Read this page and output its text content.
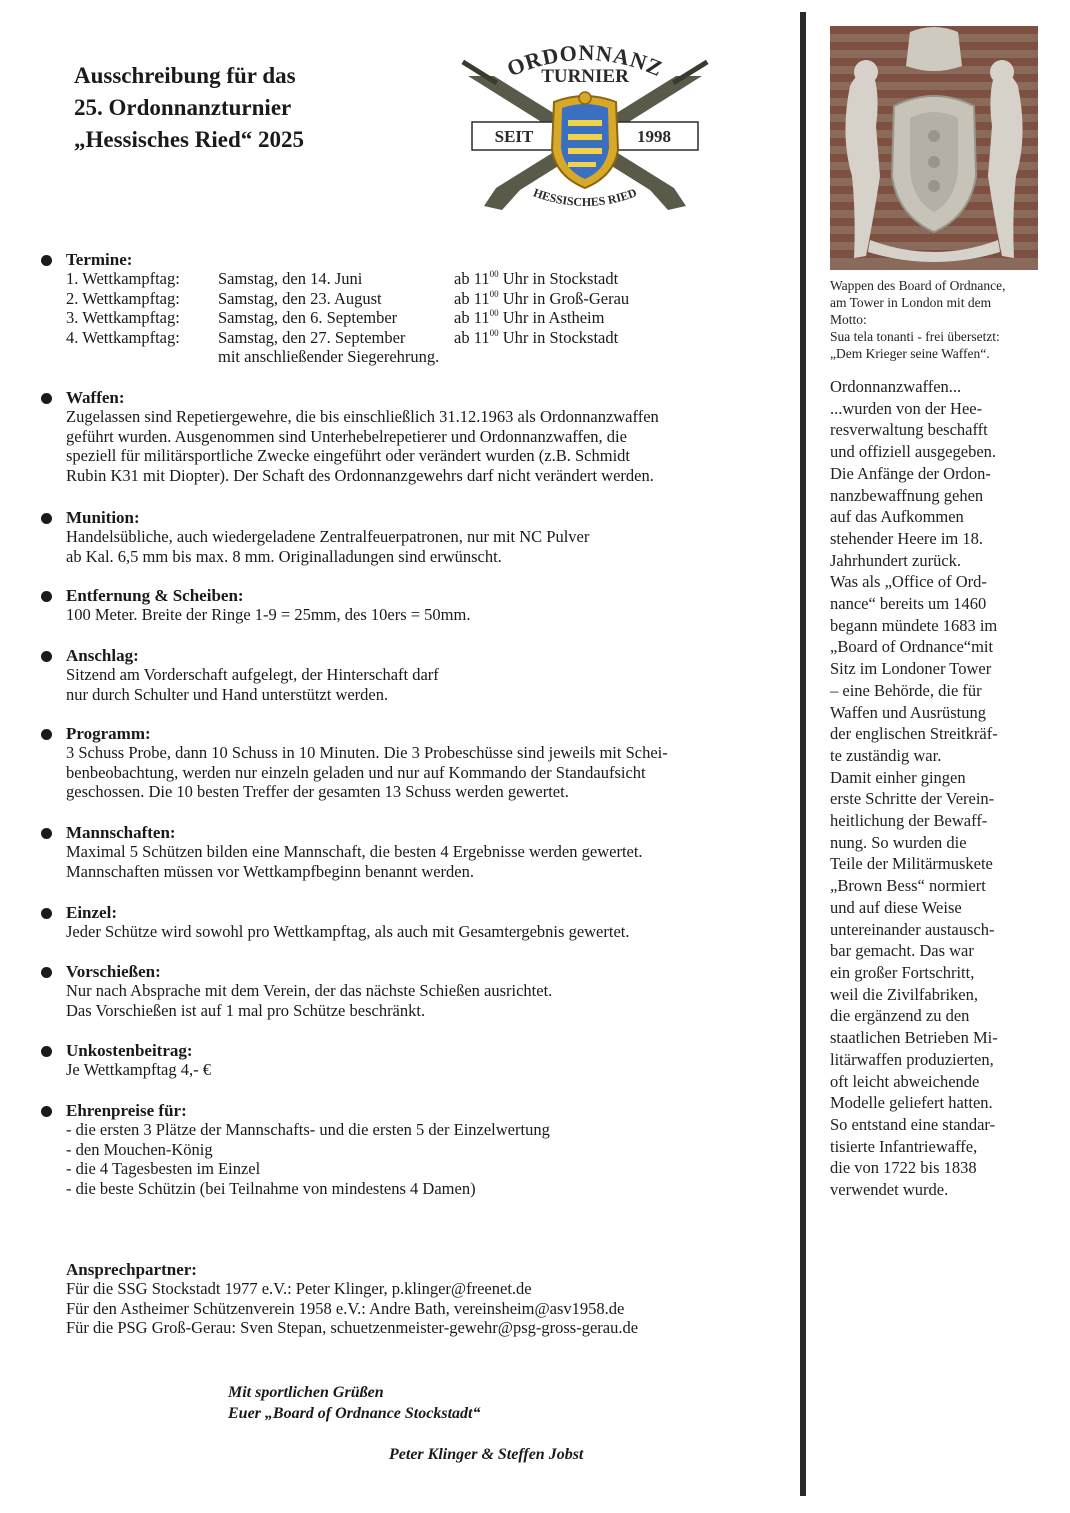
Ausschreibung für das
25. Ordonnanzturnier
„Hessisches Ried“ 2025	SEIT	1998
ORDONNANZ
TURNIER
HESSISCHES RIED
Wappen des Board of Ordnance,
am Tower in London mit dem
Motto:
Sua tela tonanti - frei übersetzt:
„Dem Krieger seine Waffen“.
Ordonnanzwaffen...
...wurden von der Hee-
resverwaltung beschafft
und offiziell ausgegeben.
Die Anfänge der Ordon-
nanzbewaffnung gehen
auf das Aufkommen
stehender Heere im 18.
Jahrhundert zurück.
Was als „Office of Ord-
nance“ bereits um 1460
begann mündete 1683 im
„Board of Ordnance“mit
Sitz im Londoner Tower
– eine Behörde, die für
Waffen und Ausrüstung
der englischen Streitkräf-
te zuständig war.
Damit einher gingen
erste Schritte der Verein-
heitlichung der Bewaff-
nung. So wurden die
Teile der Militärmuskete
„Brown Bess“ normiert
und auf diese Weise
untereinander austausch-
bar gemacht. Das war
ein großer Fortschritt,
weil die Zivilfabriken,
die ergänzend zu den
staatlichen Betrieben Mi-
litärwaffen produzierten,
oft leicht abweichende
Modelle geliefert hatten.
So entstand eine standar-
tisierte Infantriewaffe,
die von 1722 bis 1838
verwendet wurde.
Termine:
1. Wettkampftag:	Samstag, den 14. Juni	ab $11^{00}$ Uhr in Stockstadt
2. Wettkampftag:	Samstag, den 23. August	ab $11^{00}$ Uhr in Groß-Gerau
3. Wettkampftag:	Samstag, den 6. September	ab $11^{00}$ Uhr in Astheim
4. Wettkampftag:	Samstag, den 27. September	ab $11^{00}$ Uhr in Stockstadt
	mit anschließender Siegerehrung.	
Waffen:
Zugelassen sind Repetiergewehre, die bis einschließlich 31.12.1963 als Ordonnanzwaffen
geführt wurden. Ausgenommen sind Unterhebelrepetierer und Ordonnanzwaffen, die
speziell für militärsportliche Zwecke eingeführt oder verändert wurden (z.B. Schmidt
Rubin K31 mit Diopter). Der Schaft des Ordonnanzgewehrs darf nicht verändert werden.
Munition:
Handelsübliche, auch wiedergeladene Zentralfeuerpatronen, nur mit NC Pulver
ab Kal. 6,5 mm bis max. 8 mm. Originalladungen sind erwünscht.
Entfernung & Scheiben:
100 Meter. Breite der Ringe 1-9 = 25mm, des 10ers = 50mm.
Anschlag:
Sitzend am Vorderschaft aufgelegt, der Hinterschaft darf
nur durch Schulter und Hand unterstützt werden.
Programm:
3 Schuss Probe, dann 10 Schuss in 10 Minuten. Die 3 Probeschüsse sind jeweils mit Schei-
benbeobachtung, werden nur einzeln geladen und nur auf Kommando der Standaufsicht
geschossen. Die 10 besten Treffer der gesamten 13 Schuss werden gewertet.
Mannschaften:
Maximal 5 Schützen bilden eine Mannschaft, die besten 4 Ergebnisse werden gewertet.
Mannschaften müssen vor Wettkampfbeginn benannt werden.
Einzel:
Jeder Schütze wird sowohl pro Wettkampftag, als auch mit Gesamtergebnis gewertet.
Vorschießen:
Nur nach Absprache mit dem Verein, der das nächste Schießen ausrichtet.
Das Vorschießen ist auf 1 mal pro Schütze beschränkt.
Unkostenbeitrag:
Je Wettkampftag 4,- €
Ehrenpreise für:
- die ersten 3 Plätze der Mannschafts- und die ersten 5 der Einzelwertung
- den Mouchen-König
- die 4 Tagesbesten im Einzel
- die beste Schützin (bei Teilnahme von mindestens 4 Damen)
Ansprechpartner:
Für die SSG Stockstadt 1977 e.V.: Peter Klinger, p.klinger@freenet.de
Für den Astheimer Schützenverein 1958 e.V.: Andre Bath, vereinsheim@asv1958.de
Für die PSG Groß-Gerau: Sven Stepan, schuetzenmeister-gewehr@psg-gross-gerau.de
Mit sportlichen Grüßen
Euer „Board of Ordnance Stockstadt“
Peter Klinger & Steffen Jobst
